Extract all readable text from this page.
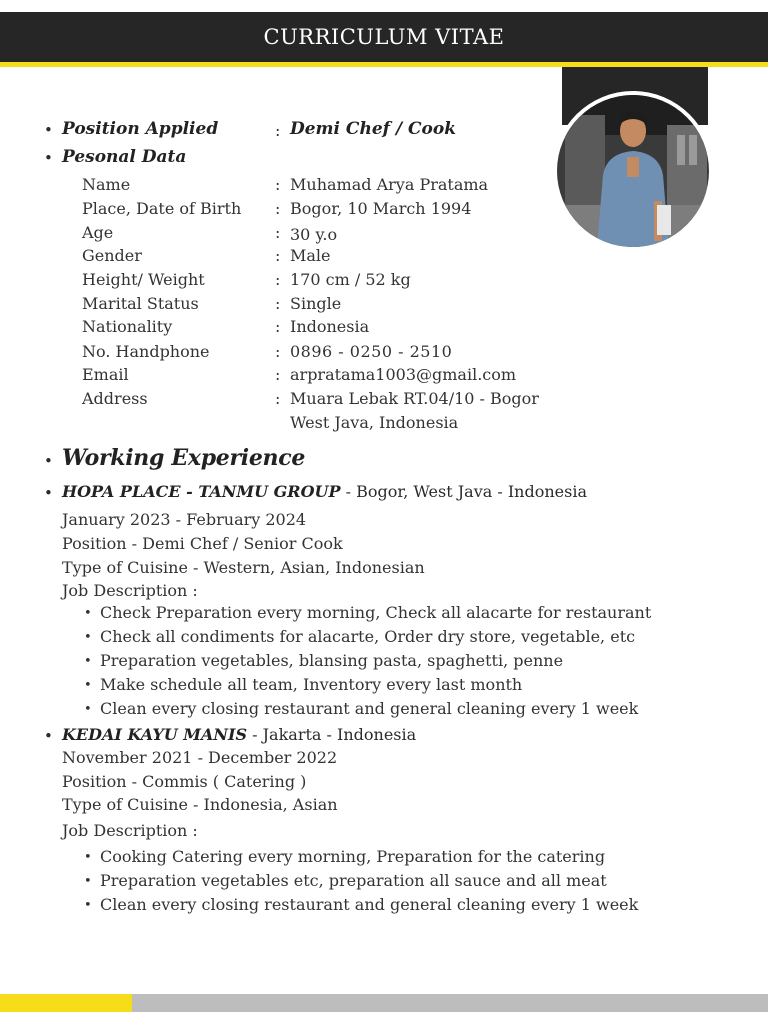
CURRICULUM VITAE
• Position Applied	: Demi Chef / Cook
• Pesonal Data
Name	: Muhamad Arya Pratama
Place, Date of Birth : Bogor, 10 March 1994
Age	: 30 y.o
Gender	: Male
Height/ Weight	: 170 cm / 52 kg
Marital Status	: Single
Nationality	: Indonesia
No. Handphone	: 0896 - 0250 - 2510
Email	: arpratama1003@gmail.com
Address	: Muara Lebak RT.04/10 - Bogor
West Java, Indonesia
• Working Experience
• HOPA PLACE - TANMU GROUP - Bogor, West Java - Indonesia
January 2023 - February 2024
Position - Demi Chef / Senior Cook
Type of Cuisine - Western, Asian, Indonesian
Job Description :
• Check Preparation every morning, Check all alacarte for restaurant
• Check all condiments for alacarte, Order dry store, vegetable, etc
• Preparation vegetables, blansing pasta, spaghetti, penne
• Make schedule all team, Inventory every last month
• Clean every closing restaurant and general cleaning every 1 week
• KEDAI KAYU MANIS - Jakarta - Indonesia
November 2021 - December 2022
Position - Commis ( Catering )
Type of Cuisine - Indonesia, Asian
Job Description :
• Cooking Catering every morning, Preparation for the catering
• Preparation vegetables etc, preparation all sauce and all meat
• Clean every closing restaurant and general cleaning every 1 week
